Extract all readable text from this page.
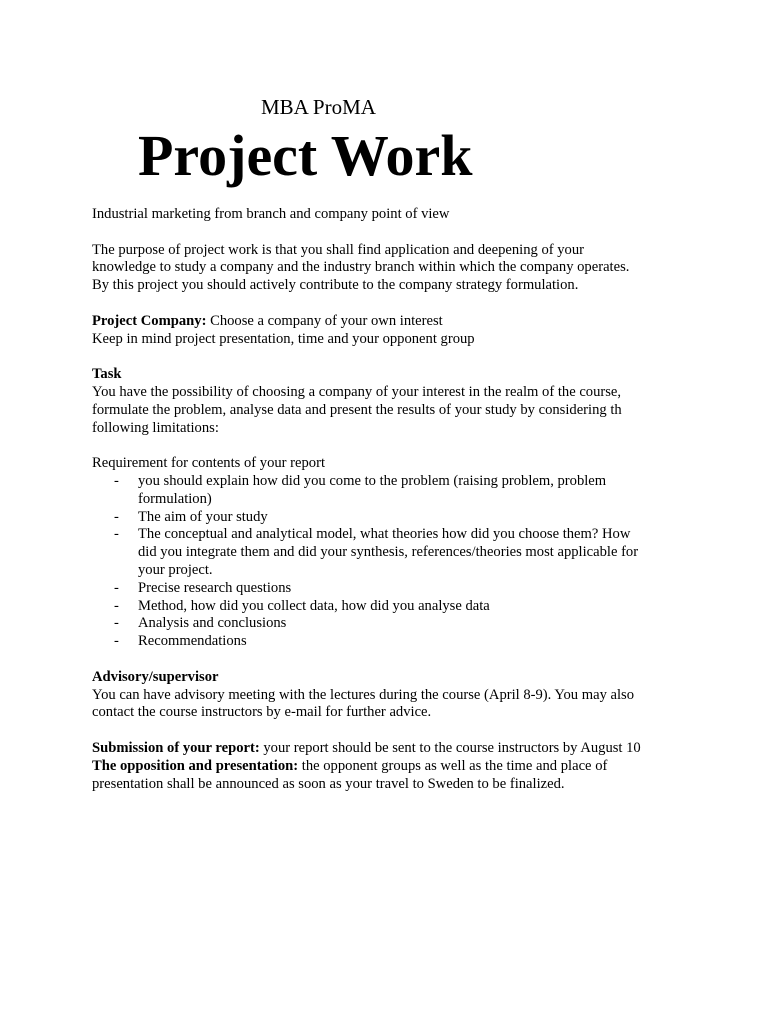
MBA ProMA
Project Work

Industrial marketing from branch and company point of view

The purpose of project work is that you shall find application and deepening of your

knowledge to study a company and the industry branch within which the company operates.

By this project you should actively contribute to the company strategy formulation.

Project Company: Choose a company of your own interest

Keep in mind project presentation, time and your opponent group

Task

You have the possibility of choosing a company of your interest in the realm of the course,

formulate the problem, analyse data and present the results of your study by considering th

following limitations:

Requirement for contents of your report

- you should explain how did you come to the problem (raising problem, problem
formulation)
- The aim of your study
- The conceptual and analytical model, what theories how did you choose them? How
did you integrate them and did your synthesis, references/theories most applicable for
your project.
- Precise research questions
- Method, how did you collect data, how did you analyse data
- Analysis and conclusions
- Recommendations

Advisory/supervisor

You can have advisory meeting with the lectures during the course (April 8-9). You may also

contact the course instructors by e-mail for further advice.

Submission of your report: your report should be sent to the course instructors by August 10

The opposition and presentation: the opponent groups as well as the time and place of

presentation shall be announced as soon as your travel to Sweden to be finalized.
